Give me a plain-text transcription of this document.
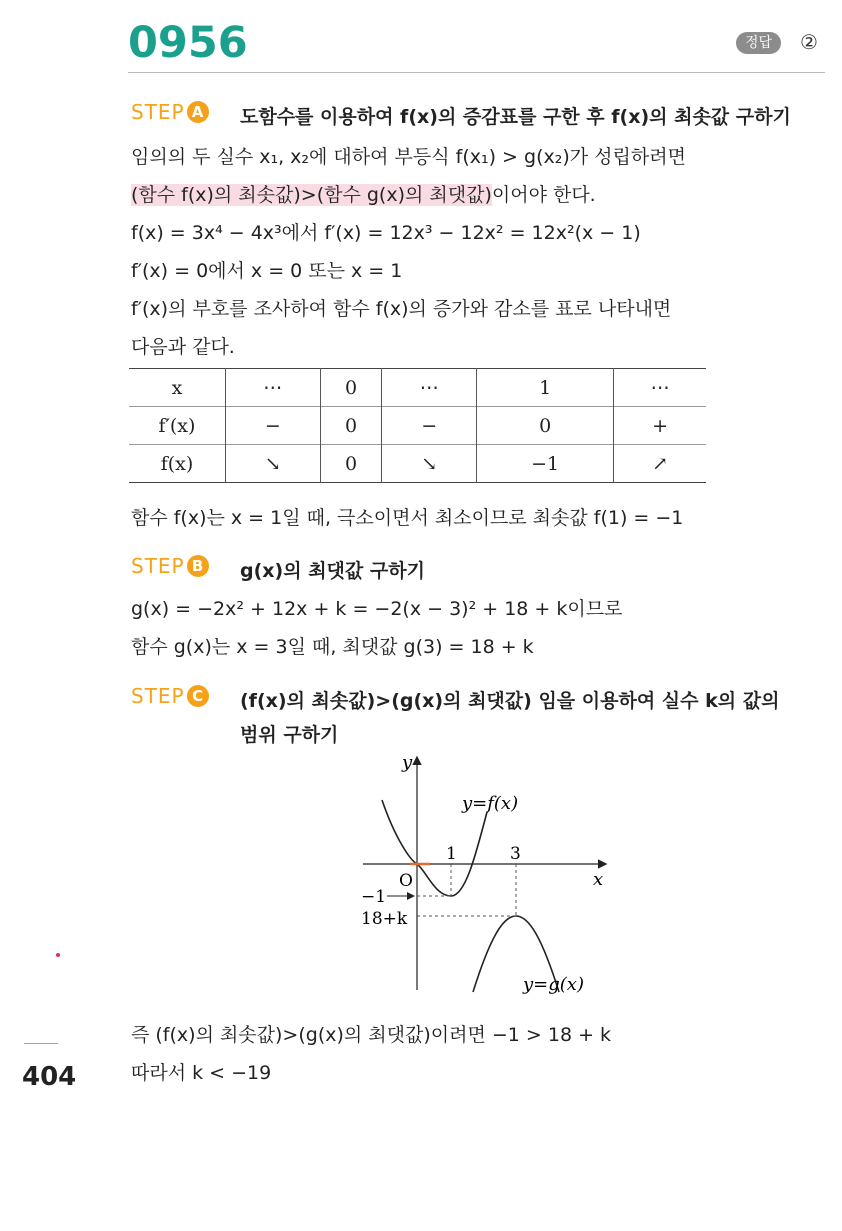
0956	정답	②
STEP A 도함수를 이용하여 f(x)의 증감표를 구한 후 f(x)의 최솟값 구하기
임의의 두 실수 x₁, x₂에 대하여 부등식 f(x₁) > g(x₂)가 성립하려면
(함수 f(x)의 최솟값)>(함수 g(x)의 최댓값)이어야 한다.
f(x) = 3x⁴ − 4x³에서 f′(x) = 12x³ − 12x² = 12x²(x − 1)
f′(x) = 0에서 x = 0 또는 x = 1
f′(x)의 부호를 조사하여 함수 f(x)의 증가와 감소를 표로 나타내면
다음과 같다.
x	⋯	0	⋯	1	⋯
f′(x)	−	0	−	0	+
f(x)	↘	0	↘	−1	↗
함수 f(x)는 x = 1일 때, 극소이면서 최소이므로 최솟값 f(1) = −1
STEP B g(x)의 최댓값 구하기
g(x) = −2x² + 12x + k = −2(x − 3)² + 18 + k이므로
함수 g(x)는 x = 3일 때, 최댓값 g(3) = 18 + k
STEP C (f(x)의 최솟값)>(g(x)의 최댓값) 임을 이용하여 실수 k의 값의
범위 구하기
y
x
O
1	3
−1
18+k
y=f(x)
y=g(x)
즉 (f(x)의 최솟값)>(g(x)의 최댓값)이려면 −1 > 18 + k
따라서 k < −19
404
